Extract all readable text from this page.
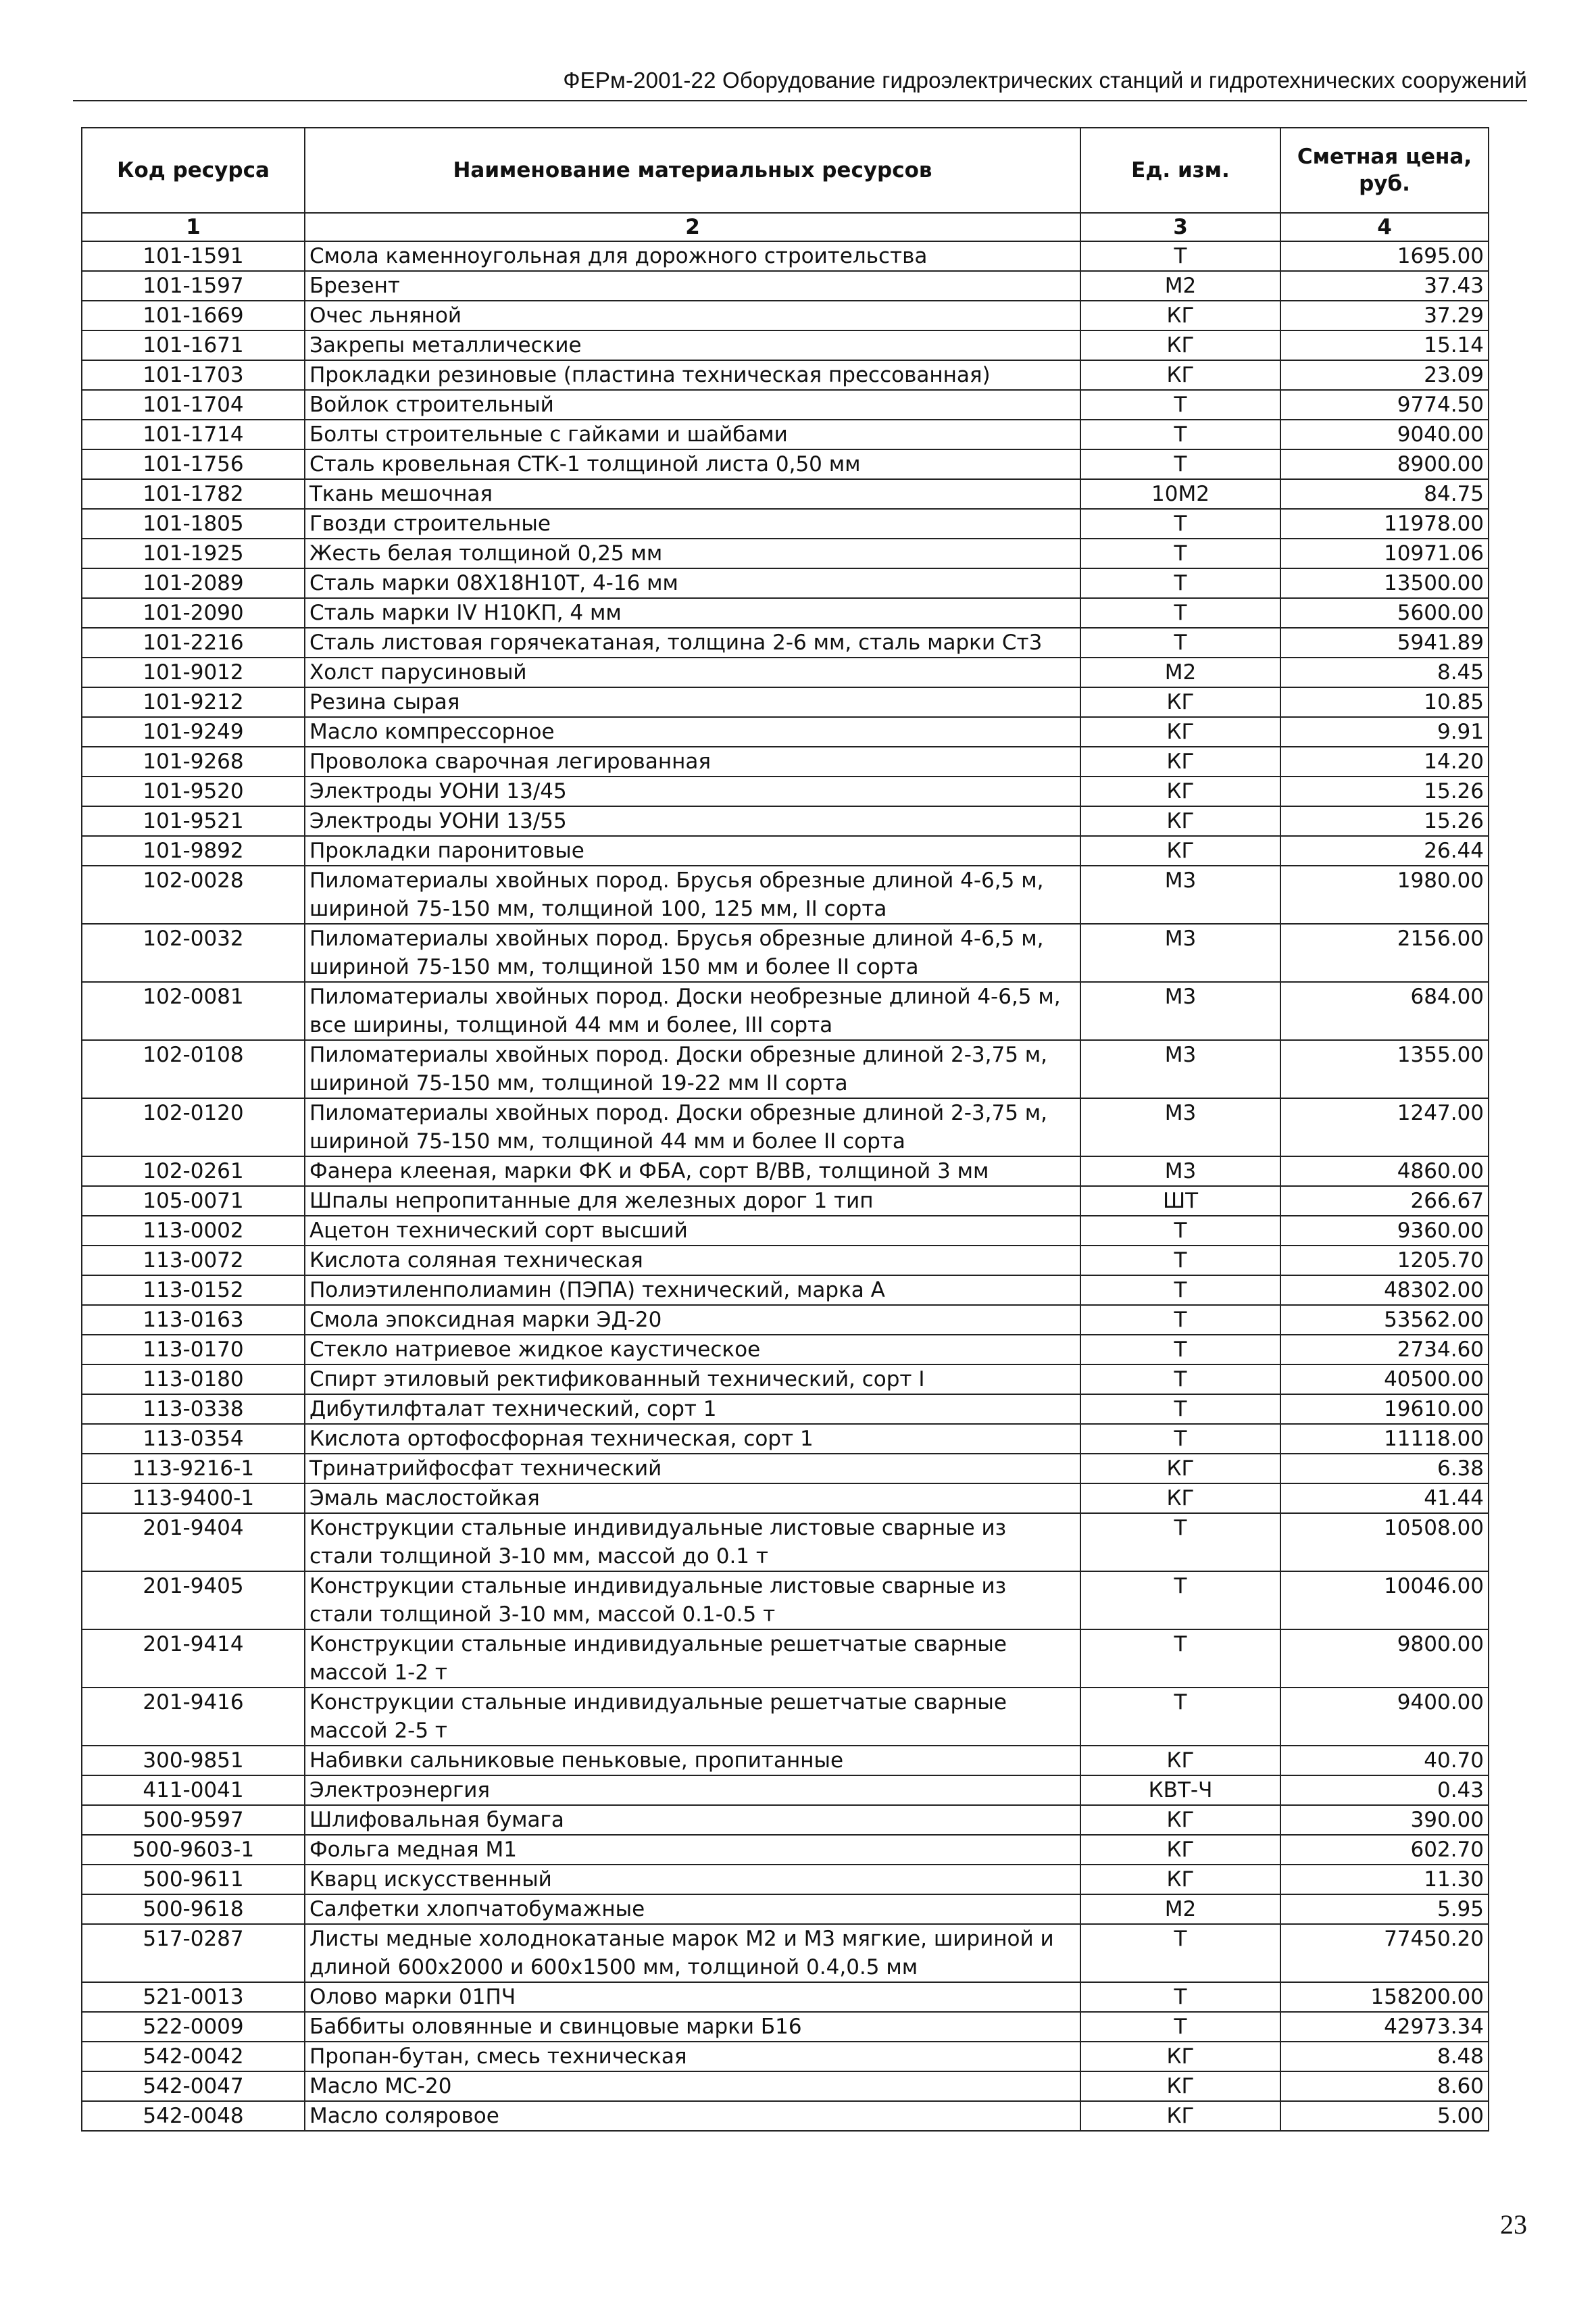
ФЕРм-2001-22 Оборудование гидроэлектрических станций и гидротехнических сооружений
Код ресурса	Наименование материальных ресурсов	Ед. изм.	Сметная цена, руб.
1	2	3	4
101-1591	Смола каменноугольная для дорожного строительства	Т	1695.00
101-1597	Брезент	М2	37.43
101-1669	Очес льняной	КГ	37.29
101-1671	Закрепы металлические	КГ	15.14
101-1703	Прокладки резиновые (пластина техническая прессованная)	КГ	23.09
101-1704	Войлок строительный	Т	9774.50
101-1714	Болты строительные с гайками и шайбами	Т	9040.00
101-1756	Сталь кровельная СТК-1 толщиной листа 0,50 мм	Т	8900.00
101-1782	Ткань мешочная	10М2	84.75
101-1805	Гвозди строительные	Т	11978.00
101-1925	Жесть белая толщиной 0,25 мм	Т	10971.06
101-2089	Сталь марки 08Х18Н10Т, 4-16 мм	Т	13500.00
101-2090	Сталь марки IV Н10КП, 4 мм	Т	5600.00
101-2216	Сталь листовая горячекатаная, толщина 2-6 мм, сталь марки Ст3	Т	5941.89
101-9012	Холст парусиновый	М2	8.45
101-9212	Резина сырая	КГ	10.85
101-9249	Масло компрессорное	КГ	9.91
101-9268	Проволока сварочная легированная	КГ	14.20
101-9520	Электроды УОНИ 13/45	КГ	15.26
101-9521	Электроды УОНИ 13/55	КГ	15.26
101-9892	Прокладки паронитовые	КГ	26.44
102-0028	Пиломатериалы хвойных пород. Брусья обрезные длиной 4-6,5 м, шириной 75-150 мм, толщиной 100, 125 мм, II сорта	М3	1980.00
102-0032	Пиломатериалы хвойных пород. Брусья обрезные длиной 4-6,5 м, шириной 75-150 мм, толщиной 150 мм и более II сорта	М3	2156.00
102-0081	Пиломатериалы хвойных пород. Доски необрезные длиной 4-6,5 м, все ширины, толщиной 44 мм и более, III сорта	М3	684.00
102-0108	Пиломатериалы хвойных пород. Доски обрезные длиной 2-3,75 м, шириной 75-150 мм, толщиной 19-22 мм II сорта	М3	1355.00
102-0120	Пиломатериалы хвойных пород. Доски обрезные длиной 2-3,75 м, шириной 75-150 мм, толщиной 44 мм и более II сорта	М3	1247.00
102-0261	Фанера клееная, марки ФК и ФБА, сорт В/ВВ, толщиной 3 мм	М3	4860.00
105-0071	Шпалы непропитанные для железных дорог 1 тип	ШТ	266.67
113-0002	Ацетон технический сорт высший	Т	9360.00
113-0072	Кислота соляная техническая	Т	1205.70
113-0152	Полиэтиленполиамин (ПЭПА) технический, марка А	Т	48302.00
113-0163	Смола эпоксидная марки ЭД-20	Т	53562.00
113-0170	Стекло натриевое жидкое каустическое	Т	2734.60
113-0180	Спирт этиловый ректификованный технический, сорт I	Т	40500.00
113-0338	Дибутилфталат технический, сорт 1	Т	19610.00
113-0354	Кислота ортофосфорная техническая, сорт 1	Т	11118.00
113-9216-1	Тринатрийфосфат технический	КГ	6.38
113-9400-1	Эмаль маслостойкая	КГ	41.44
201-9404	Конструкции стальные индивидуальные листовые сварные из стали толщиной 3-10 мм, массой до 0.1 т	Т	10508.00
201-9405	Конструкции стальные индивидуальные листовые сварные из стали толщиной 3-10 мм, массой 0.1-0.5 т	Т	10046.00
201-9414	Конструкции стальные индивидуальные решетчатые сварные массой 1-2 т	Т	9800.00
201-9416	Конструкции стальные индивидуальные решетчатые сварные массой 2-5 т	Т	9400.00
300-9851	Набивки сальниковые пеньковые, пропитанные	КГ	40.70
411-0041	Электроэнергия	КВТ-Ч	0.43
500-9597	Шлифовальная бумага	КГ	390.00
500-9603-1	Фольга медная М1	КГ	602.70
500-9611	Кварц искусственный	КГ	11.30
500-9618	Салфетки хлопчатобумажные	М2	5.95
517-0287	Листы медные холоднокатаные марок М2 и М3 мягкие, шириной и длиной 600x2000 и 600x1500 мм, толщиной 0.4,0.5 мм	Т	77450.20
521-0013	Олово марки 01ПЧ	Т	158200.00
522-0009	Баббиты оловянные и свинцовые марки Б16	Т	42973.34
542-0042	Пропан-бутан, смесь техническая	КГ	8.48
542-0047	Масло МС-20	КГ	8.60
542-0048	Масло соляровое	КГ	5.00
23
